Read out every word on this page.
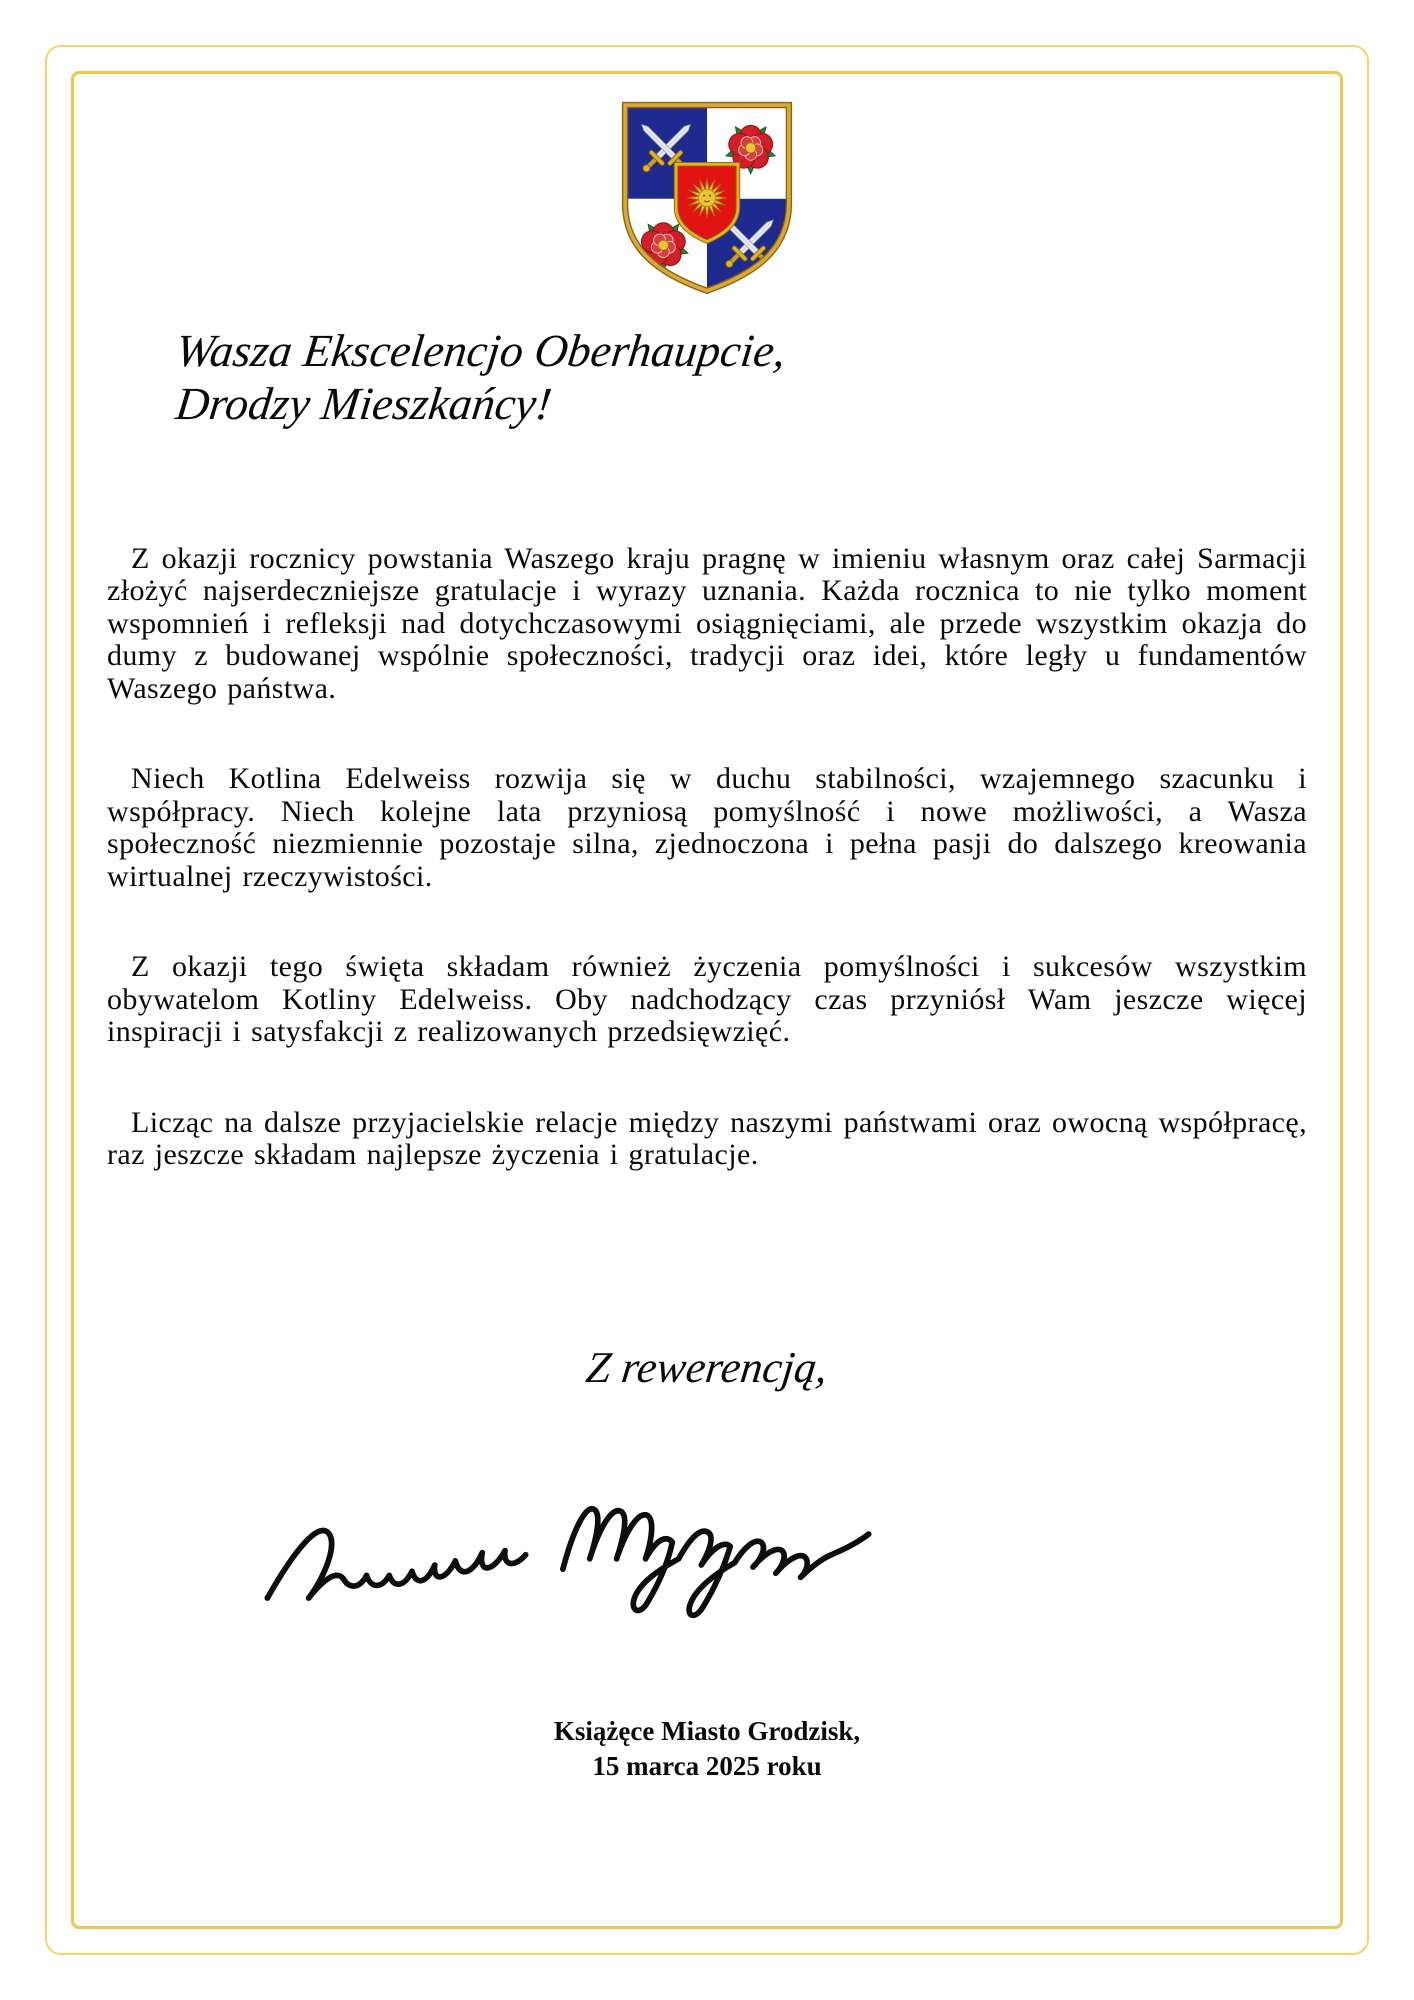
Wasza Ekscelencjo Oberhaupcie,
Drodzy Mieszkańcy!

Z okazji rocznicy powstania Waszego kraju pragnę w imieniu własnym oraz całej Sarmacji złożyć najserdeczniejsze gratulacje i wyrazy uznania. Każda rocznica to nie tylko moment wspomnień i refleksji nad dotychczasowymi osiągnięciami, ale przede wszystkim okazja do dumy z budowanej wspólnie społeczności, tradycji oraz idei, które legły u fundamentów Waszego państwa.

Niech Kotlina Edelweiss rozwija się w duchu stabilności, wzajemnego szacunku i współpracy. Niech kolejne lata przyniosą pomyślność i nowe możliwości, a Wasza społeczność niezmiennie pozostaje silna, zjednoczona i pełna pasji do dalszego kreowania wirtualnej rzeczywistości.

Z okazji tego święta składam również życzenia pomyślności i sukcesów wszystkim obywatelom Kotliny Edelweiss. Oby nadchodzący czas przyniósł Wam jeszcze więcej inspiracji i satysfakcji z realizowanych przedsięwzięć.

Licząc na dalsze przyjacielskie relacje między naszymi państwami oraz owocną współpracę, raz jeszcze składam najlepsze życzenia i gratulacje.

Z rewerencją,
Książęce Miasto Grodzisk,
15 marca 2025 roku
